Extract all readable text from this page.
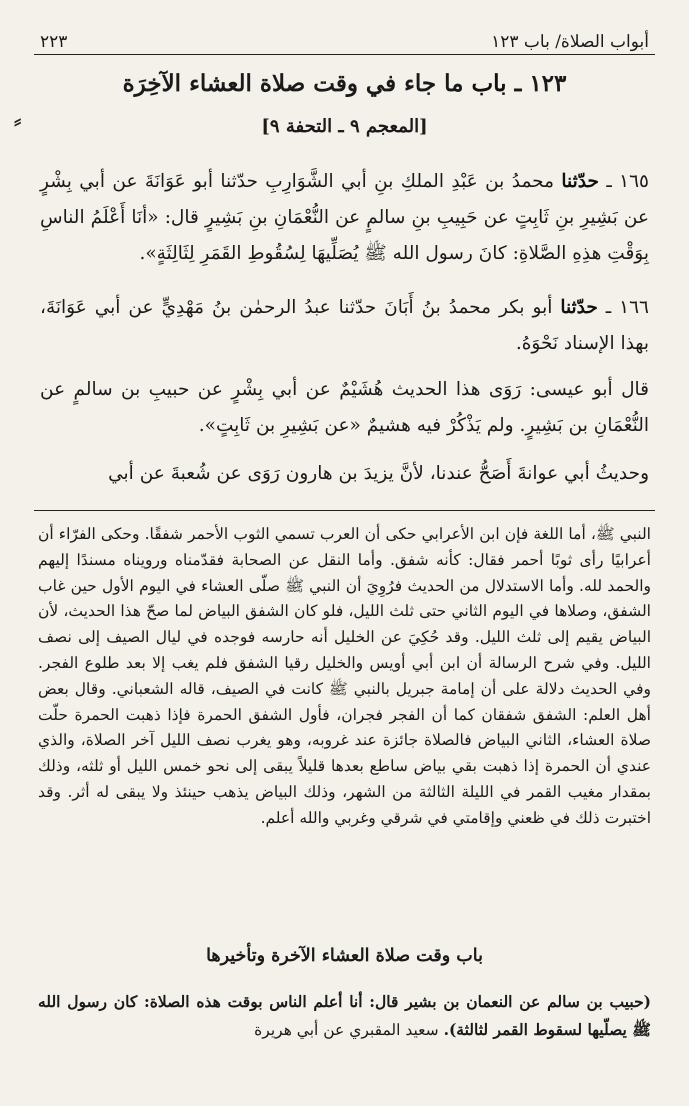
أبواب الصلاة/ باب ١٢٣
٢٢٣
١٢٣ ـ باب ما جاء في وقت صلاة العشاء الآخِرَة
[المعجم ٩ ـ التحفة ٩]
⸗
١٦٥ ـ حدّثنا محمدُ بن عَبْدِ الملكِ بنِ أبي الشَّوَارِبِ حدّثنا أبو عَوَانَةَ عن أبي بِشْرٍ عن بَشِيرِ بنِ ثَابِتٍ عن حَبِيبِ بنِ سالمٍ عن النُّعْمَانِ بنِ بَشِيرٍ قال: «أنَا أَعْلَمُ الناسِ بِوَقْتِ هذِهِ الصَّلاةِ: كانَ رسول الله ﷺ يُصَلِّيهَا لِسُقُوطِ القَمَرِ لِثَالِثَةٍ».
١٦٦ ـ حدّثنا أبو بكر محمدُ بنُ أَبَانَ حدّثنا عبدُ الرحمٰن بنُ مَهْدِيٍّ عن أبي عَوَانَةَ، بهذا الإسناد نَحْوَهُ.
قال أبو عيسى: رَوَى هذا الحديث هُشَيْمٌ عن أبي بِشْرٍ عن حبيبِ بن سالمٍ عن النُّعْمَانِ بن بَشِيرٍ. ولم يَذْكُرْ فيه هشيمٌ «عن بَشِيرِ بن ثَابِتٍ».
وحديثُ أبي عوانةَ أَصَحُّ عندنا، لأنَّ يزيدَ بن هارون رَوَى عن شُعبةَ عن أبي
النبي ﷺ، أما اللغة فإن ابن الأعرابي حكى أن العرب تسمي الثوب الأحمر شفقًا. وحكى الفرّاء أن أعرابيًا رأى ثوبًا أحمر فقال: كأنه شفق. وأما النقل عن الصحابة فقدّمناه ورويناه مسندًا إليهم والحمد لله. وأما الاستدلال من الحديث فرُوِيَ أن النبي ﷺ صلّى العشاء في اليوم الأول حين غاب الشفق، وصلاها في اليوم الثاني حتى ثلث الليل، فلو كان الشفق البياض لما صحّ هذا الحديث، لأن البياض يقيم إلى ثلث الليل. وقد حُكِيَ عن الخليل أنه حارسه فوجده في ليال الصيف إلى نصف الليل. وفي شرح الرسالة أن ابن أبي أويس والخليل رقيا الشفق فلم يغب إلا بعد طلوع الفجر. وفي الحديث دلالة على أن إمامة جبريل بالنبي ﷺ كانت في الصيف، قاله الشعباني. وقال بعض أهل العلم: الشفق شفقان كما أن الفجر فجران، فأول الشفق الحمرة فإذا ذهبت الحمرة حلّت صلاة العشاء، الثاني البياض فالصلاة جائزة عند غروبه، وهو يغرب نصف الليل آخر الصلاة، والذي عندي أن الحمرة إذا ذهبت بقي بياض ساطع بعدها قليلاً يبقى إلى نحو خمس الليل أو ثلثه، وذلك بمقدار مغيب القمر في الليلة الثالثة من الشهر، وذلك البياض يذهب حينئذ ولا يبقى له أثر. وقد اختبرت ذلك في ظعني وإقامتي في شرقي وغربي والله أعلم.
باب وقت صلاة العشاء الآخرة وتأخيرها
(حبيب بن سالم عن النعمان بن بشير قال: أنا أعلم الناس بوقت هذه الصلاة: كان رسول الله ﷺ يصلّيها لسقوط القمر لثالثة). سعيد المقبري عن أبي هريرة
